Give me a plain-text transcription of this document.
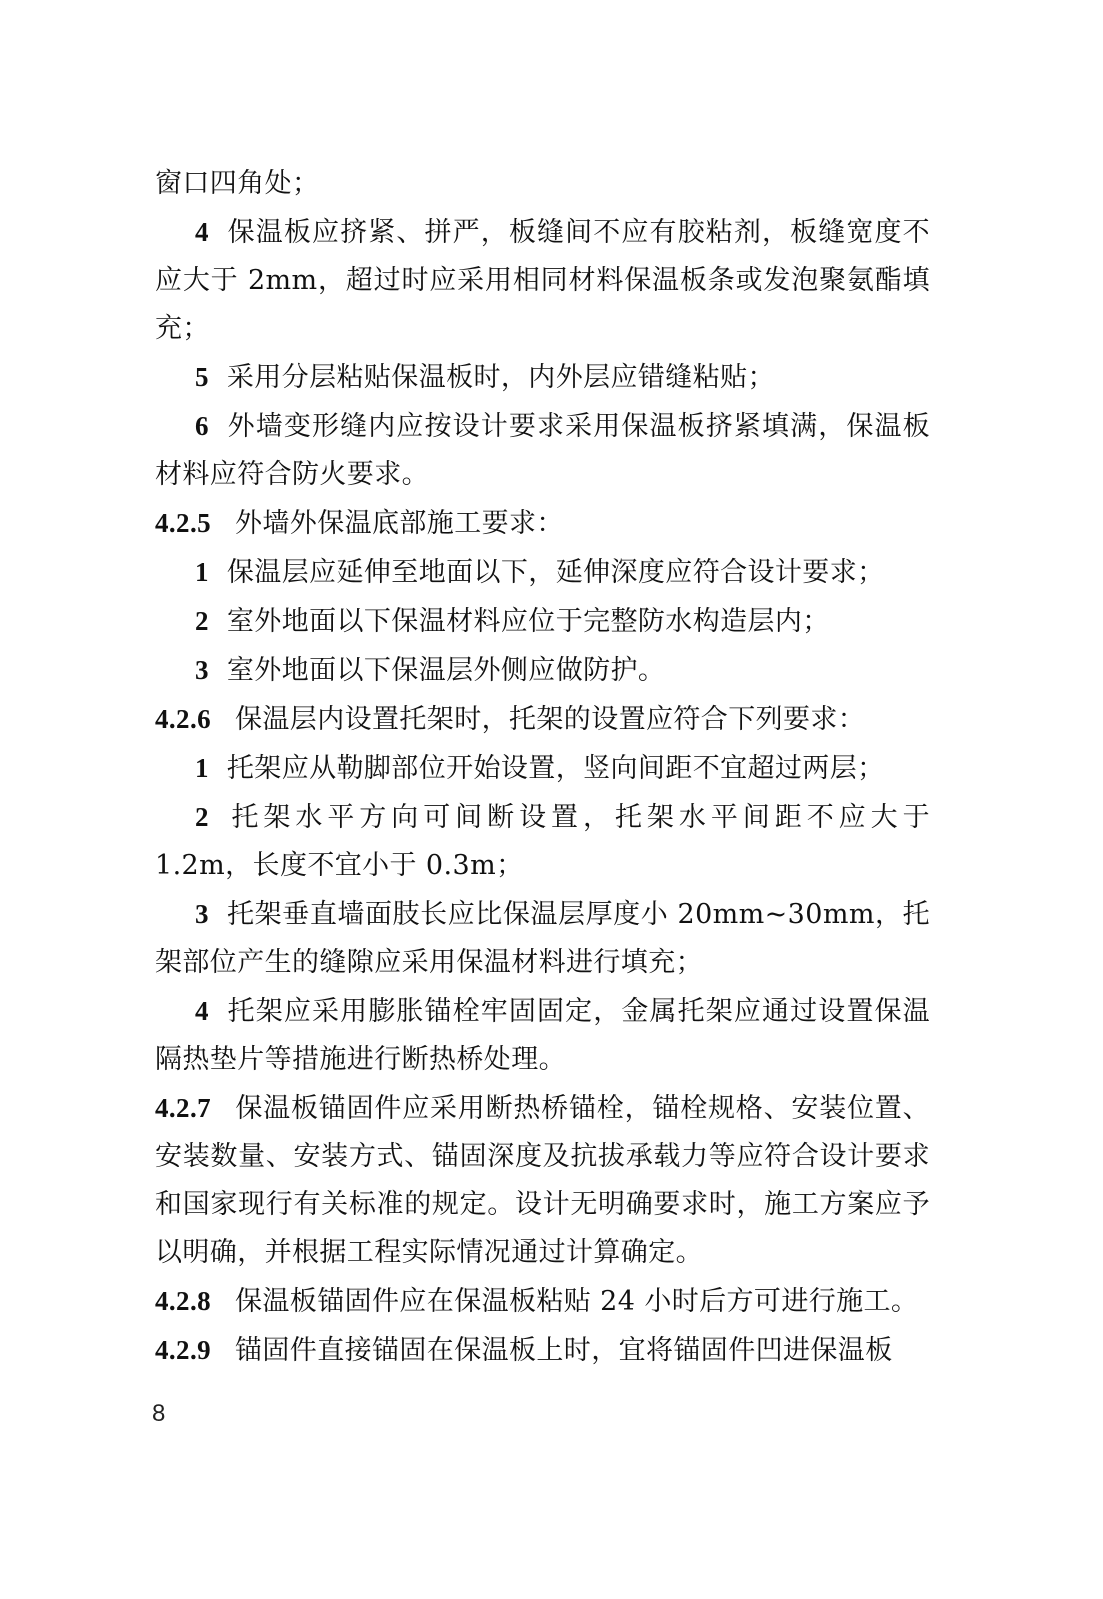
窗口四角处；

4 保温板应挤紧、拼严，板缝间不应有胶粘剂，板缝宽度不应大于 2mm，超过时应采用相同材料保温板条或发泡聚氨酯填充；

5 采用分层粘贴保温板时，内外层应错缝粘贴；

6 外墙变形缝内应按设计要求采用保温板挤紧填满，保温板材料应符合防火要求。

4.2.5 外墙外保温底部施工要求：

1 保温层应延伸至地面以下，延伸深度应符合设计要求；

2 室外地面以下保温材料应位于完整防水构造层内；

3 室外地面以下保温层外侧应做防护。

4.2.6 保温层内设置托架时，托架的设置应符合下列要求：

1 托架应从勒脚部位开始设置，竖向间距不宜超过两层；

2 托架水平方向可间断设置，托架水平间距不应大于 1.2m，长度不宜小于 0.3m；

3 托架垂直墙面肢长应比保温层厚度小 20mm~30mm，托架部位产生的缝隙应采用保温材料进行填充；

4 托架应采用膨胀锚栓牢固固定，金属托架应通过设置保温隔热垫片等措施进行断热桥处理。

4.2.7 保温板锚固件应采用断热桥锚栓，锚栓规格、安装位置、安装数量、安装方式、锚固深度及抗拔承载力等应符合设计要求和国家现行有关标准的规定。设计无明确要求时，施工方案应予以明确，并根据工程实际情况通过计算确定。

4.2.8 保温板锚固件应在保温板粘贴 24 小时后方可进行施工。

4.2.9 锚固件直接锚固在保温板上时，宜将锚固件凹进保温板

8
